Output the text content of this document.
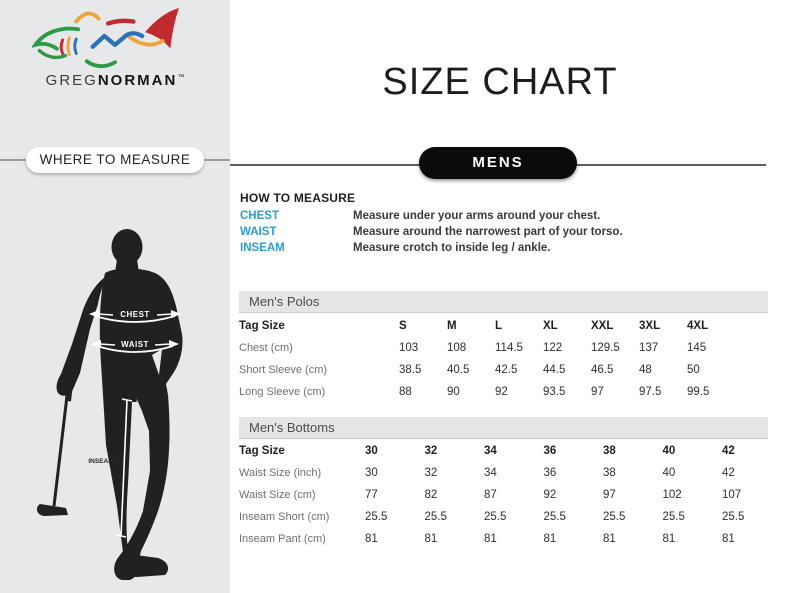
GREGNORMAN™
WHERE TO MEASURE
CHEST
WAIST
INSEAM
SIZE CHART
MENS
HOW TO MEASURE
CHEST	Measure under your arms around your chest.
WAIST	Measure around the narrowest part of your torso.
INSEAM	Measure crotch to inside leg / ankle.
Men's Polos
Tag Size	S	M	L	XL	XXL	3XL	4XL
Chest (cm)	103	108	114.5	122	129.5	137	145
Short Sleeve (cm)	38.5	40.5	42.5	44.5	46.5	48	50
Long Sleeve (cm)	88	90	92	93.5	97	97.5	99.5
Men's Bottoms
Tag Size	30	32	34	36	38	40	42
Waist Size (inch)	30	32	34	36	38	40	42
Waist Size (cm)	77	82	87	92	97	102	107
Inseam Short (cm)	25.5	25.5	25.5	25.5	25.5	25.5	25.5
Inseam Pant (cm)	81	81	81	81	81	81	81
